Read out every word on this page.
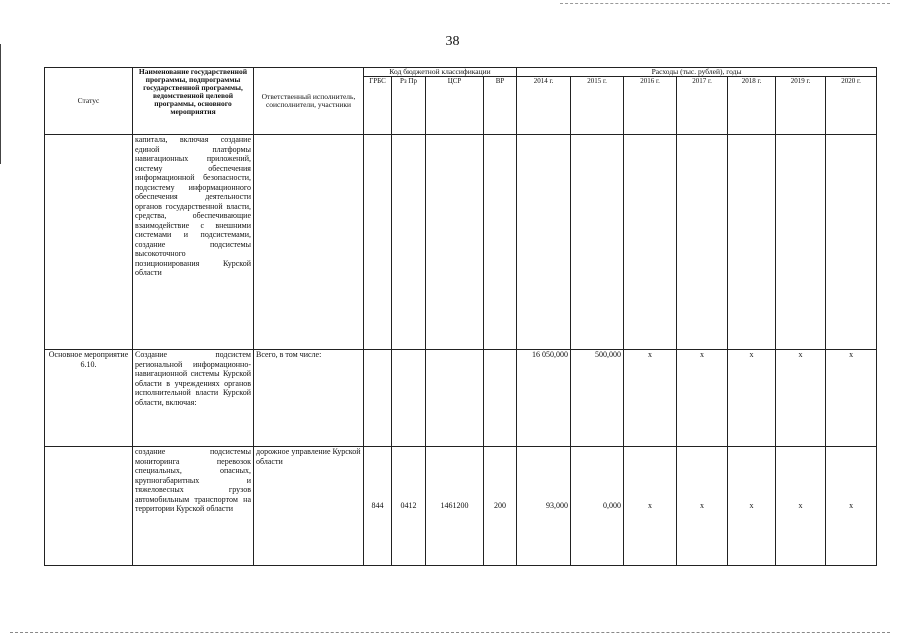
38
Статус	Наименование государственной программы, подпрограммы государственной программы, ведомственной целевой программы, основного мероприятия	Ответственный исполнитель, соисполнители, участники	Код бюджетной классификации				Расходы (тыс. рублей), годы						
			ГРБС	Рз Пр	ЦСР	ВР	2014 г.	2015 г.	2016 г.	2017 г.	2018 г.	2019 г.	2020 г.
	капитала, включая создание единой платформы навигационных приложений, систему обеспечения информационной безопасности, подсистему информационного обеспечения деятельности органов государственной власти, средства, обеспечивающие взаимодействие с внешними системами и подсистемами, создание подсистемы высокоточного позиционирования Курской области												
Основное мероприятие 6.10.	Создание подсистем региональной информационно-навигационной системы Курской области в учреждениях органов исполнительной власти Курской области, включая:	Всего, в том числе:					16 050,000	500,000	х	х	х	х	х
	создание подсистемы мониторинга перевозок специальных, опасных, крупногабаритных и тяжеловесных грузов автомобильным транспортом на территории Курской области	дорожное управление Курской области	844	0412	1461200	200	93,000	0,000	х	х	х	х	х
